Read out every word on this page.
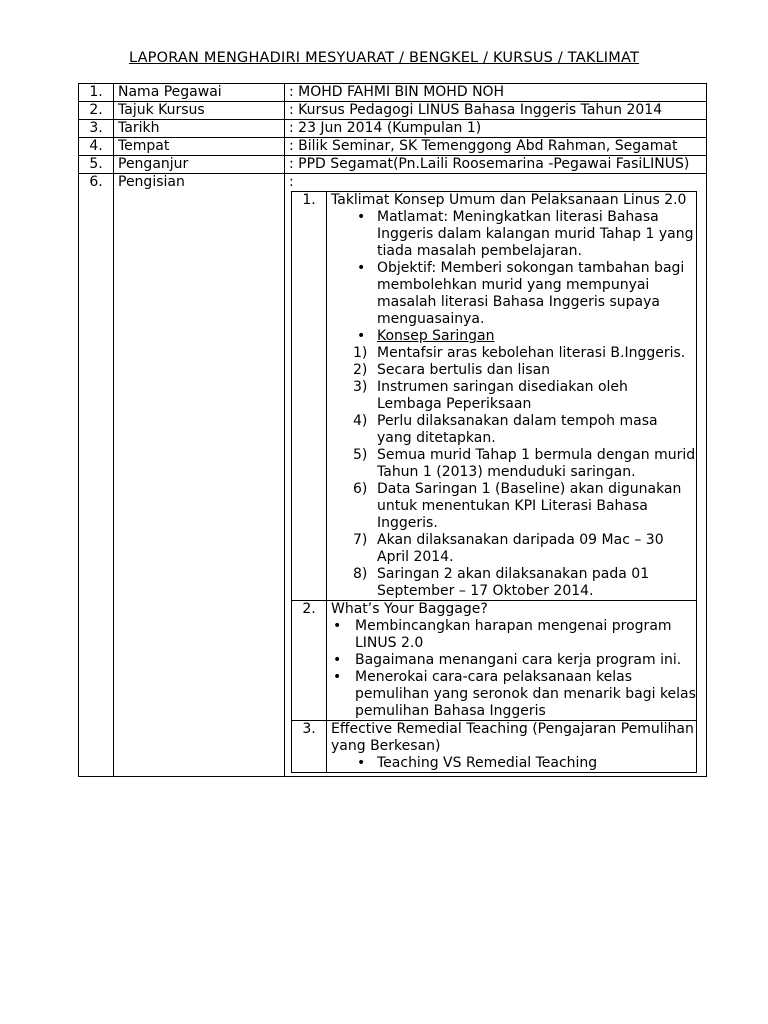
LAPORAN MENGHADIRI MESYUARAT / BENGKEL / KURSUS / TAKLIMAT
1.	Nama Pegawai	: MOHD FAHMI BIN MOHD NOH
2.	Tajuk Kursus	: Kursus Pedagogi LINUS Bahasa Inggeris Tahun 2014
3.	Tarikh	: 23 Jun 2014 (Kumpulan 1)
4.	Tempat	: Bilik Seminar, SK Temenggong Abd Rahman, Segamat
5.	Penganjur	: PPD Segamat(Pn.Laili Roosemarina -Pegawai FasiLINUS)
6.	Pengisian	:
1.	Taklimat Konsep Umum dan Pelaksanaan Linus 2.0
• Matlamat: Meningkatkan literasi Bahasa Inggeris dalam kalangan murid Tahap 1 yang tiada masalah pembelajaran.
• Objektif: Memberi sokongan tambahan bagi membolehkan murid yang mempunyai masalah literasi Bahasa Inggeris supaya menguasainya.
• Konsep Saringan
1) Mentafsir aras kebolehan literasi B.Inggeris.
2) Secara bertulis dan lisan
3) Instrumen saringan disediakan oleh Lembaga Peperiksaan
4) Perlu dilaksanakan dalam tempoh masa yang ditetapkan.
5) Semua murid Tahap 1 bermula dengan murid Tahun 1 (2013) menduduki saringan.
6) Data Saringan 1 (Baseline) akan digunakan untuk menentukan KPI Literasi Bahasa Inggeris.
7) Akan dilaksanakan daripada 09 Mac – 30 April 2014.
8) Saringan 2 akan dilaksanakan pada 01 September – 17 Oktober 2014.

2.	What’s Your Baggage?
• Membincangkan harapan mengenai program LINUS 2.0
• Bagaimana menangani cara kerja program ini.
• Menerokai cara-cara pelaksanaan kelas pemulihan yang seronok dan menarik bagi kelas pemulihan Bahasa Inggeris

3.	Effective Remedial Teaching (Pengajaran Pemulihan yang Berkesan)
• Teaching VS Remedial Teaching
